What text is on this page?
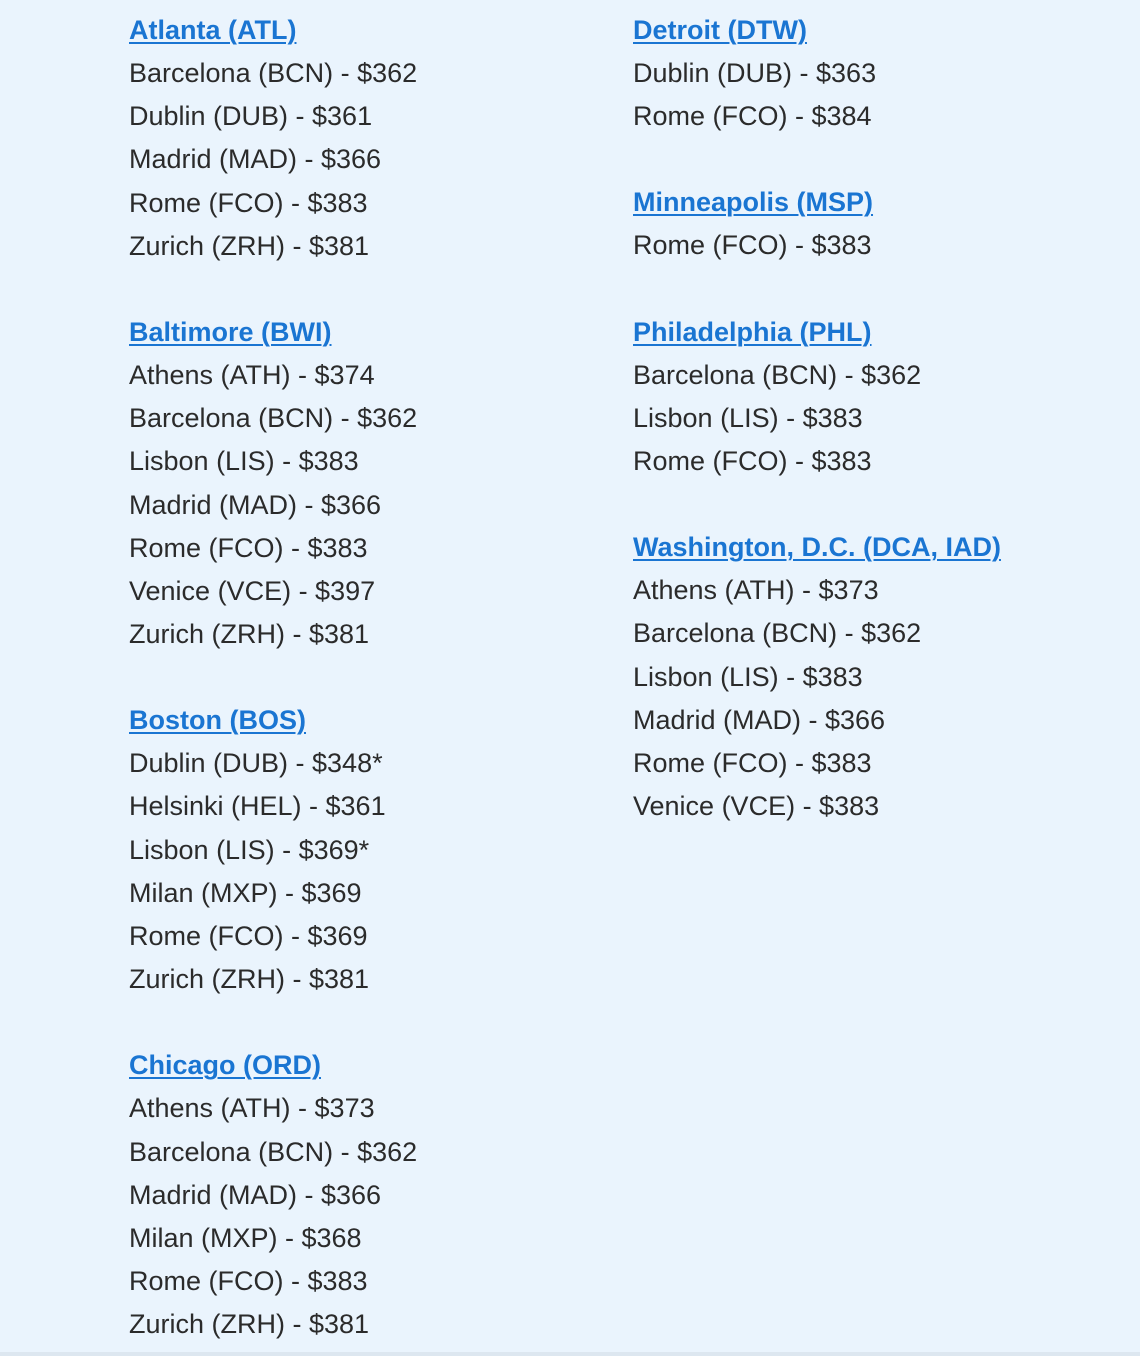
Atlanta (ATL)
Barcelona (BCN) - $362
Dublin (DUB) - $361
Madrid (MAD) - $366
Rome (FCO) - $383
Zurich (ZRH) - $381
Baltimore (BWI)
Athens (ATH) - $374
Barcelona (BCN) - $362
Lisbon (LIS) - $383
Madrid (MAD) - $366
Rome (FCO) - $383
Venice (VCE) - $397
Zurich (ZRH) - $381
Boston (BOS)
Dublin (DUB) - $348*
Helsinki (HEL) - $361
Lisbon (LIS) - $369*
Milan (MXP) - $369
Rome (FCO) - $369
Zurich (ZRH) - $381
Chicago (ORD)
Athens (ATH) - $373
Barcelona (BCN) - $362
Madrid (MAD) - $366
Milan (MXP) - $368
Rome (FCO) - $383
Zurich (ZRH) - $381
Detroit (DTW)
Dublin (DUB) - $363
Rome (FCO) - $384
Minneapolis (MSP)
Rome (FCO) - $383
Philadelphia (PHL)
Barcelona (BCN) - $362
Lisbon (LIS) - $383
Rome (FCO) - $383
Washington, D.C. (DCA, IAD)
Athens (ATH) - $373
Barcelona (BCN) - $362
Lisbon (LIS) - $383
Madrid (MAD) - $366
Rome (FCO) - $383
Venice (VCE) - $383
